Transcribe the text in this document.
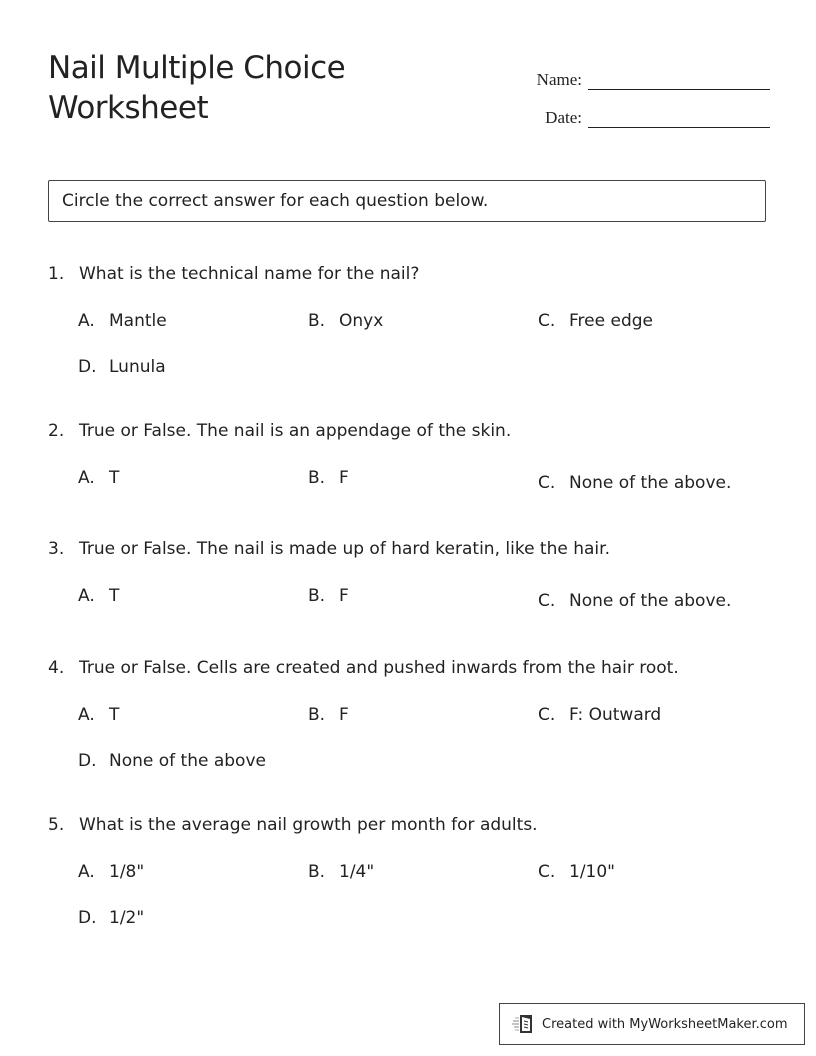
Nail Multiple Choice
Worksheet
Name:
Date:
Circle the correct answer for each question below.
1. What is the technical name for the nail?
A. Mantle	B. Onyx	C. Free edge
D. Lunula
2. True or False. The nail is an appendage of the skin.
A. T	B. F	C. None of the above.
3. True or False. The nail is made up of hard keratin, like the hair.
A. T	B. F	C. None of the above.
4. True or False. Cells are created and pushed inwards from the hair root.
A. T	B. F	C. F: Outward
D. None of the above
5. What is the average nail growth per month for adults.
A. 1/8"	B. 1/4"	C. 1/10"
D. 1/2"
Created with MyWorksheetMaker.com
